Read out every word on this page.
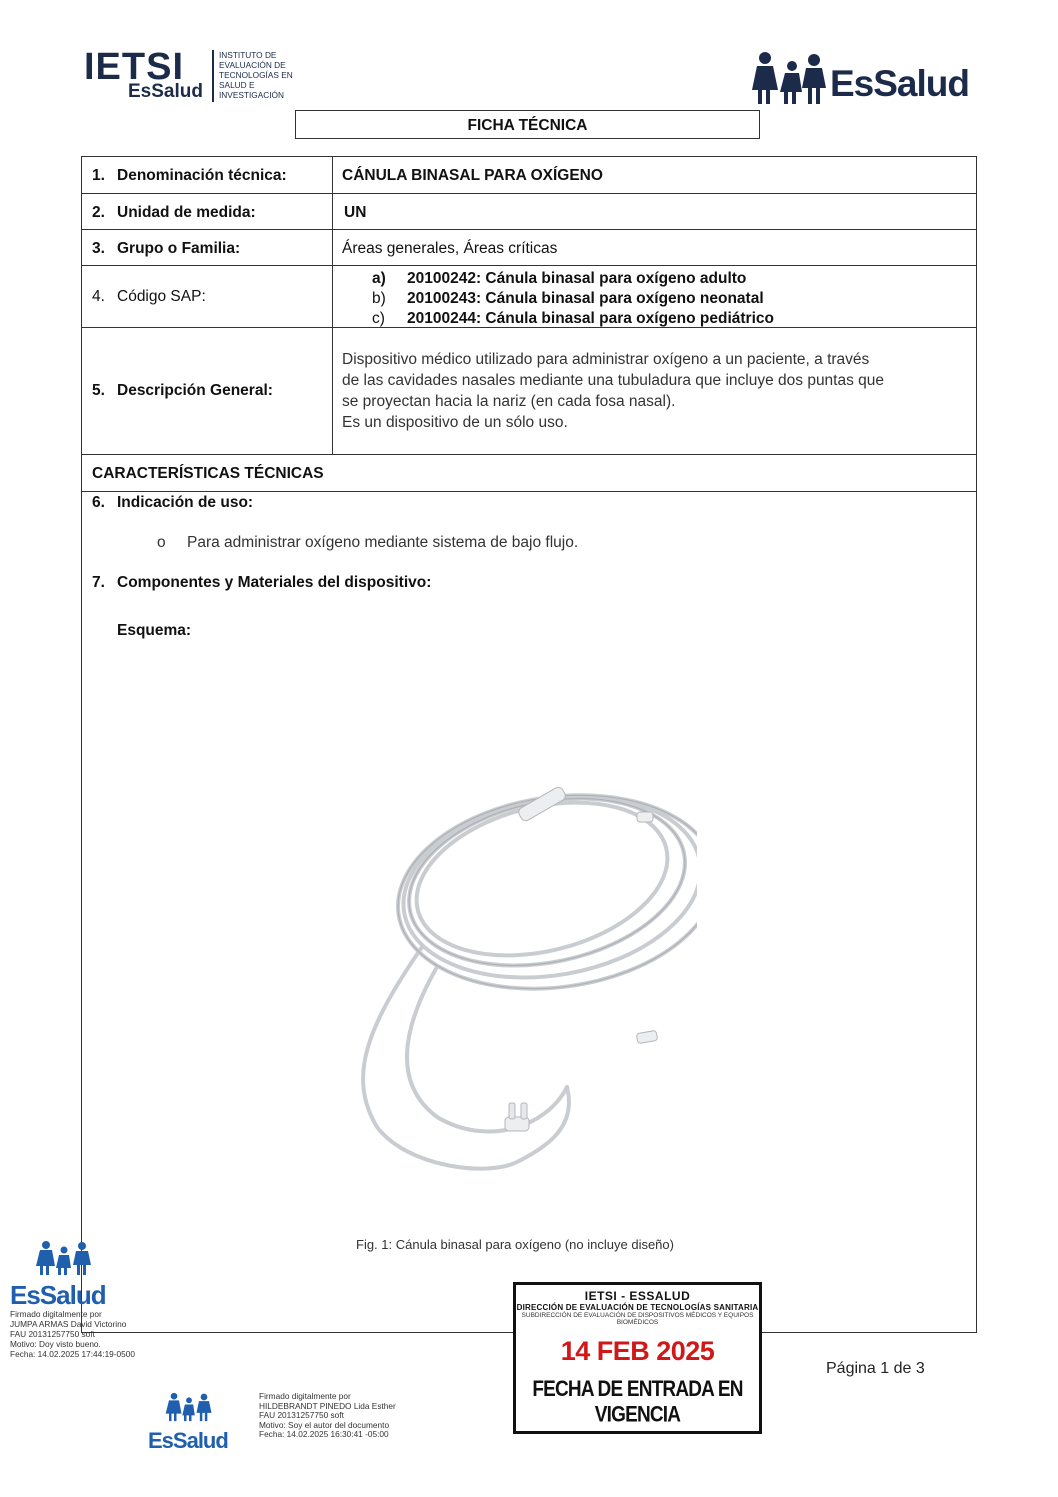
IETSI
EsSalud
INSTITUTO DE
EVALUACIÓN DE
TECNOLOGÍAS EN
SALUD E
INVESTIGACIÓN	EsSalud
FICHA TÉCNICA
1. Denominación técnica:	CÁNULA BINASAL PARA OXÍGENO
2. Unidad de medida:	UN
3. Grupo o Familia:	Áreas generales, Áreas críticas
4. Código SAP:
a) 20100242: Cánula binasal para oxígeno adulto
b) 20100243: Cánula binasal para oxígeno neonatal
c) 20100244: Cánula binasal para oxígeno pediátrico
5. Descripción General:
Dispositivo médico utilizado para administrar oxígeno a un paciente, a través
de las cavidades nasales mediante una tubuladura que incluye dos puntas que
se proyectan hacia la nariz (en cada fosa nasal).
Es un dispositivo de un sólo uso.
CARACTERÍSTICAS TÉCNICAS
6. Indicación de uso:
o Para administrar oxígeno mediante sistema de bajo flujo.
7. Componentes y Materiales del dispositivo:
Esquema:
Fig. 1: Cánula binasal para oxígeno (no incluye diseño)
IETSI - ESSALUD
DIRECCIÓN DE EVALUACIÓN DE TECNOLOGÍAS SANITARIA
SUBDIRECCIÓN DE EVALUACIÓN DE DISPOSITIVOS MÉDICOS Y EQUIPOS BIOMÉDICOS
14 FEB 2025
FECHA DE ENTRADA EN VIGENCIA
Página 1 de 3
EsSalud
Firmado digitalmente por
JUMPA ARMAS David Victorino
FAU 20131257750 soft
Motivo: Doy visto bueno.
Fecha: 14.02.2025 17:44:19-0500
EsSalud
Firmado digitalmente por
HILDEBRANDT PINEDO Lida Esther
FAU 20131257750 soft
Motivo: Soy el autor del documento
Fecha: 14.02.2025 16:30:41 -05:00
